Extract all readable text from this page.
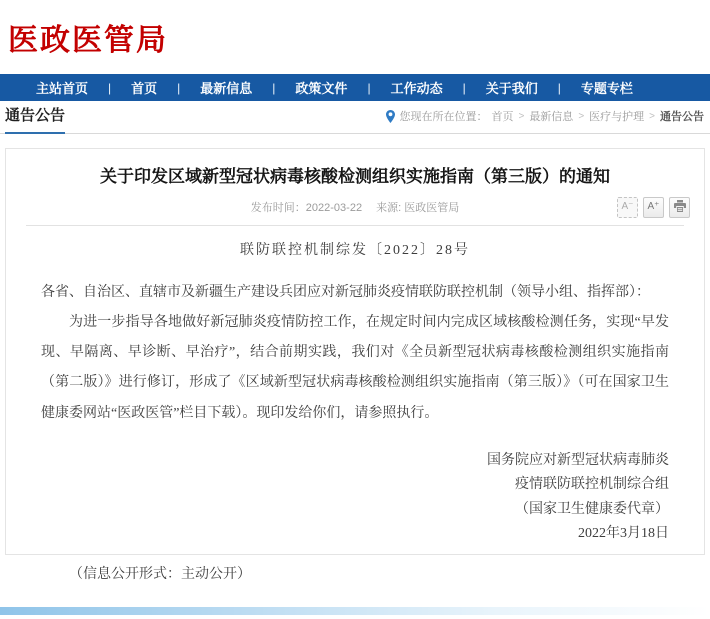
医政医管局
主站首页	|	首页	|	最新信息	|	政策文件	|	工作动态	|	关于我们	|	专题专栏
通告公告	您现在所在位置： 首页 > 最新信息 > 医疗与护理 > 通告公告
关于印发区域新型冠状病毒核酸检测组织实施指南（第三版）的通知
发布时间：2022-03-22 来源: 医政医管局	A⁻	A⁺
联防联控机制综发〔2022〕28号

各省、自治区、直辖市及新疆生产建设兵团应对新冠肺炎疫情联防联控机制（领导小组、指挥部）：

为进一步指导各地做好新冠肺炎疫情防控工作，在规定时间内完成区域核酸检测任务，实现“早发现、早隔离、早诊断、早治疗”，结合前期实践，我们对《全员新型冠状病毒核酸检测组织实施指南（第二版）》进行修订，形成了《区域新型冠状病毒核酸检测组织实施指南（第三版）》（可在国家卫生健康委网站“医政医管”栏目下载）。现印发给你们，请参照执行。

国务院应对新型冠状病毒肺炎
疫情联防联控机制综合组
（国家卫生健康委代章）
2022年3月18日
（信息公开形式：主动公开）
